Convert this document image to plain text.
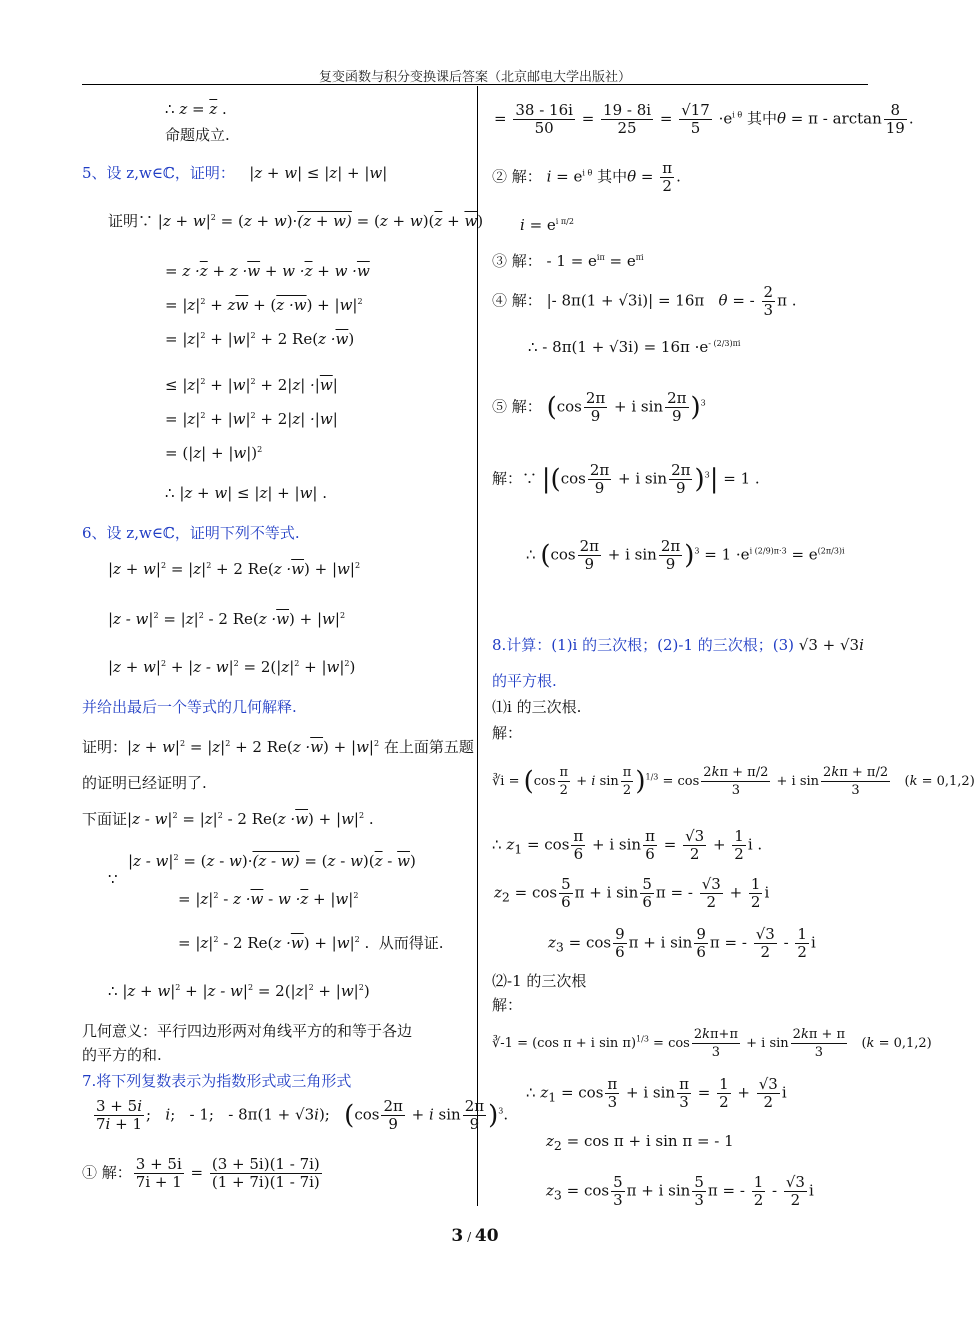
复变函数与积分变换课后答案（北京邮电大学出版社）
∴ $z = \overline{z}$ .
命题成立.
5、设 z,w∈ℂ，证明： |z + w| ≤ |z| + |w|
证明∵ $|z + w|^2 = (z + w)\cdot(z + w) = (z + w)(\overline{z} + \overline{w})$
= $z \cdot\overline{z} + z \cdot\overline{w} + w \cdot\overline{z} + w \cdot\overline{w}$
= $|z|^2 + z\overline{w} + (z \cdot w) + |w|^2$
= $|z|^2 + |w|^2 + 2$ $Re(z \cdot\overline{w})$
≤ $|z|^2 + |w|^2 + 2|z| \cdot|\overline{w}|$
= $|z|^2 + |w|^2 + 2|z| \cdot|w|$
= $(|z| + |w|)^2$
∴ |z + w| ≤ |z| + |w| .
6、设 z,w∈ℂ，证明下列不等式.
$|z + w|^2 = |z|^2 + 2$ $Re(z \cdot\overline{w}) + |w|^2$
$|z - w|^2 = |z|^2 - 2$ $Re(z \cdot\overline{w}) + |w|^2$
$|z + w|^2 + |z - w|^2 = 2(|z|^2 + |w|^2)$
并给出最后一个等式的几何解释.
证明：$|z + w|^2 = |z|^2 + 2$ $Re(z \cdot\overline{w}) + |w|^2$ 在上面第五题
的证明已经证明了.
下面证$|z - w|^2 = |z|^2 - 2$ $Re(z \cdot\overline{w}) + |w|^2$ .
∵
$|z - w|^2 = (z - w)\cdot(z - w) = (z - w)(\overline{z} - \overline{w})$
= $|z|^2 - z \cdot\overline{w} - w \cdot\overline{z} + |w|^2$
= $|z|^2 - 2$ $Re(z \cdot\overline{w}) + |w|^2$ .  从而得证.
∴ $|z + w|^2 + |z - w|^2 = 2(|z|^2 + |w|^2)$
几何意义：平行四边形两对角线平方的和等于各边
的平方的和.
7.将下列复数表示为指数形式或三角形式
$\frac{3 + 5i}{7i + 1}$ ;   i;   - 1;   - 8π(1 + √3i);   ($\cos \frac{2\pi}{9} + i$ $\sin \frac{2\pi}{9} )^3$.
① 解： $\frac{3 + 5i}{7i + 1} = \frac{(3 + 5i)(1 - 7i)}{(1 + 7i)(1 - 7i)}$
= $\frac{38 - 16i}{50} = \frac{19 - 8i}{25} = \frac{√17}{5} \cdot e^{i \theta}$ 其中$\theta = \pi - \arctan \frac{8}{19}$ .
② 解： $i = e^{i \theta}$ 其中$\theta = \frac{\pi}{2}$ .
$i = e^{i \pi/2}$
③ 解： - $1 = e^{i\pi} = e^{\pi i}$
④ 解： |- 8π(1 + √3i)| = 16π   θ = - $\frac{2}{3}$ π .
∴ - $8\pi(1 + √3i) = 16\pi \cdot e^{- (2/3)\pi i}$
⑤ 解： ($\cos \frac{2\pi}{9} + i$ $\sin \frac{2\pi}{9} )^3$
解：∵ $|(\cos \frac{2\pi}{9} + i$ $\sin \frac{2\pi}{9} )^3| = 1$ .
∴ ($\cos \frac{2\pi}{9} + i$ $\sin \frac{2\pi}{9} )^3 = 1 \cdot e^{i (2/9)\pi\cdot 3} = e^{(2\pi/3)i}$
8.计算：(1)i 的三次根；(2)-1 的三次根；(3) √3 + √3i
的平方根.
⑴i 的三次根.
解：
∛i = ($\cos \frac{\pi}{2} + i$ $\sin \frac{\pi}{2} )^{1/3} = \cos \frac{2k\pi + \pi/2}{3} + i$ $\sin \frac{2k\pi + \pi/2}{3} (k = 0,1,2)$
∴ $z_1 = \cos \frac{\pi}{6} + i$ $\sin \frac{\pi}{6} = \frac{√3}{2} + \frac{1}{2}$ i .
$z_2 = \cos \frac{5}{6}$ π + i $\sin \frac{5}{6}$ π = - $\frac{√3}{2} + \frac{1}{2}$ i
$z_3 = \cos \frac{9}{6}$ π + i $\sin \frac{9}{6}$ π = - $\frac{√3}{2} - \frac{1}{2}$ i
⑵-1 的三次根
解：
∛-1 = (cos π + i $\sin \pi)^{1/3} = \cos \frac{2k\pi+\pi}{3} + i$ $\sin \frac{2k\pi + \pi}{3} (k = 0,1,2)$
∴ $z_1 = \cos \frac{\pi}{3} + i$ $\sin \frac{\pi}{3} = \frac{1}{2} + \frac{√3}{2}$ i
$z_2 = \cos \pi + i$ sin π = - 1
$z_3 = \cos \frac{5}{3}$ π + i $\sin \frac{5}{3}$ π = - $\frac{1}{2} - \frac{√3}{2}$ i
3 / 40
